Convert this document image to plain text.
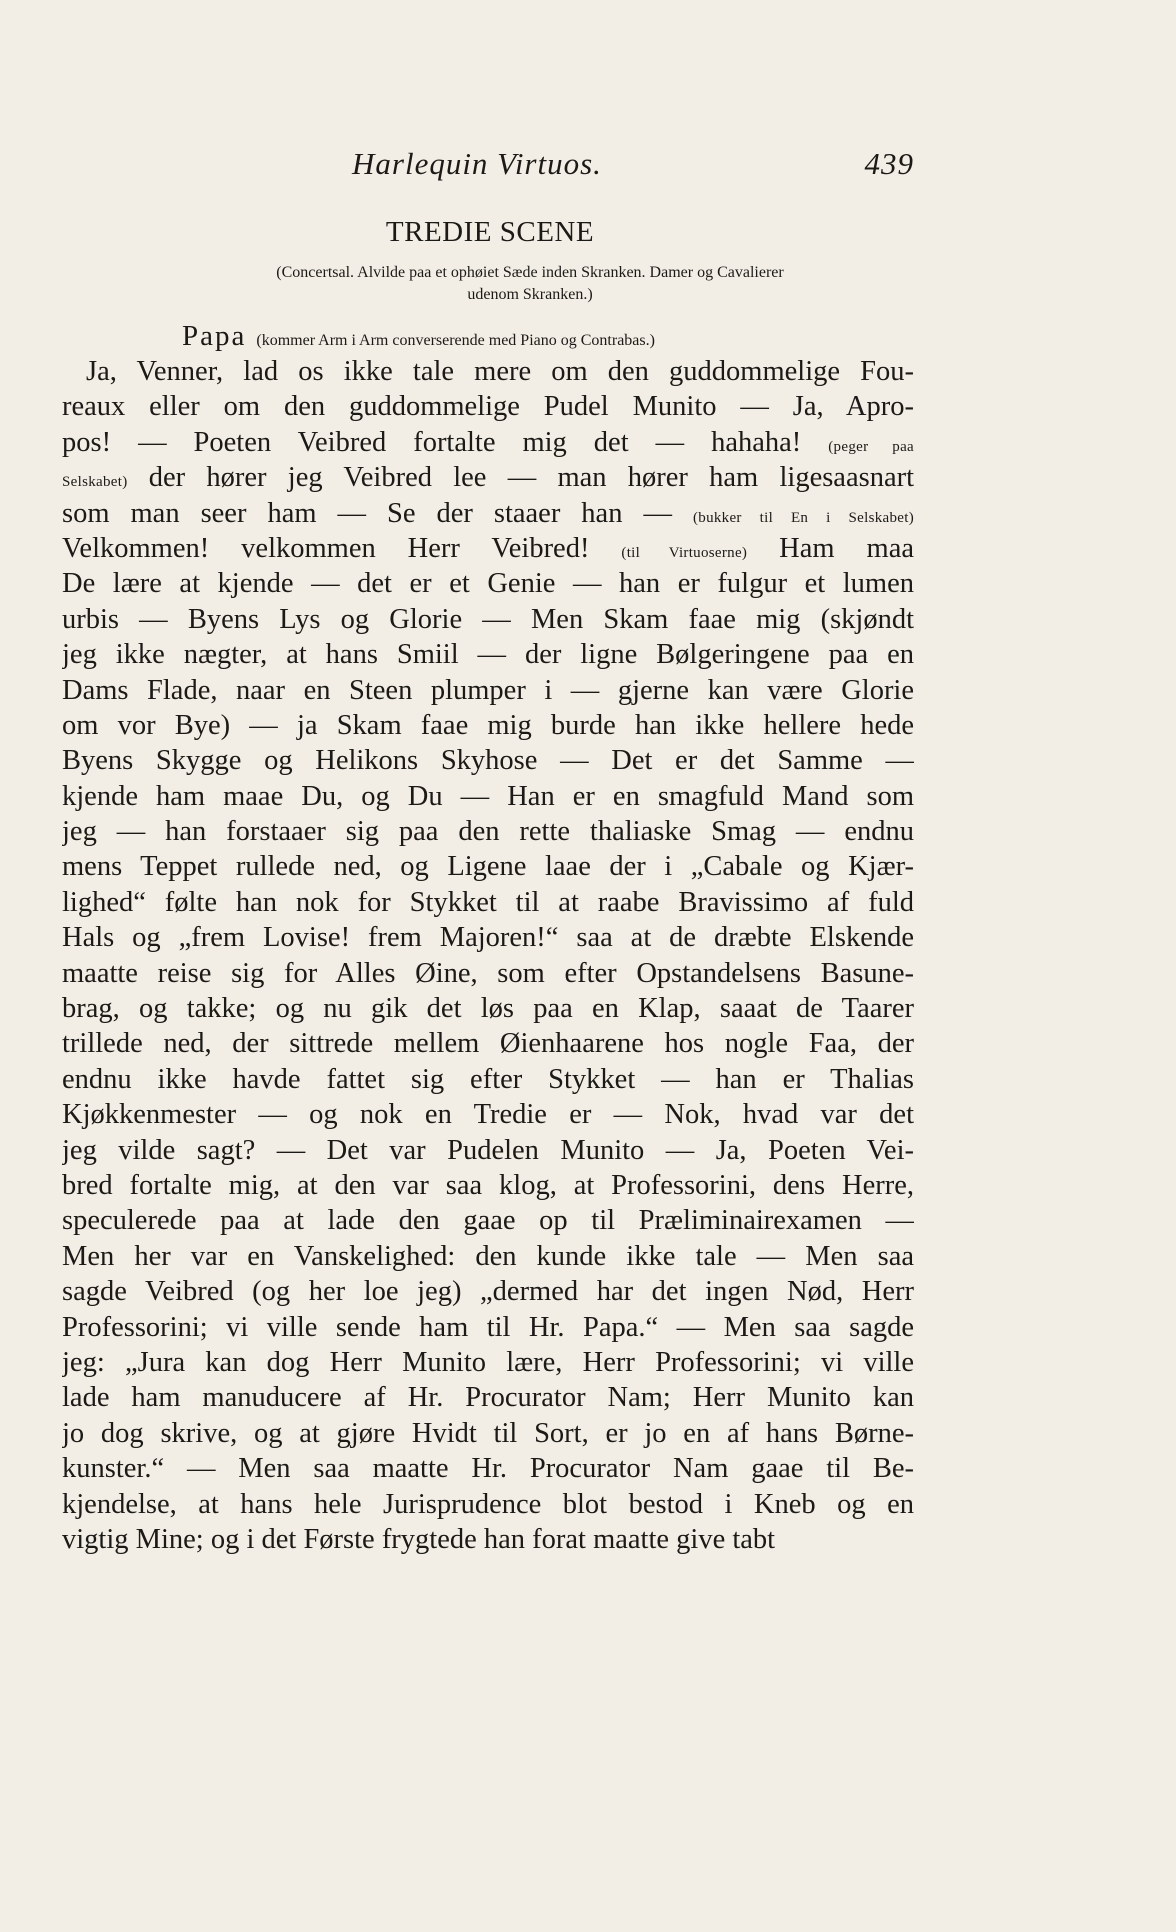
Harlequin Virtuos.	439
TREDIE SCENE
(Concertsal. Alvilde paa et ophøiet Sæde inden Skranken. Damer og Cavalierer
udenom Skranken.)
Papa (kommer Arm i Arm converserende med Piano og Contrabas.)
Ja, Venner, lad os ikke tale mere om den guddommelige Fou-
reaux eller om den guddommelige Pudel Munito — Ja, Apro-
pos! — Poeten Veibred fortalte mig det — hahaha! (peger paa
Selskabet) der hører jeg Veibred lee — man hører ham ligesaasnart
som man seer ham — Se der staaer han — (bukker til En i Selskabet)
Velkommen! velkommen Herr Veibred! (til Virtuoserne) Ham maa
De lære at kjende — det er et Genie — han er fulgur et lumen
urbis — Byens Lys og Glorie — Men Skam faae mig (skjøndt
jeg ikke nægter, at hans Smiil — der ligne Bølgeringene paa en
Dams Flade, naar en Steen plumper i — gjerne kan være Glorie
om vor Bye) — ja Skam faae mig burde han ikke hellere hede
Byens Skygge og Helikons Skyhose — Det er det Samme —
kjende ham maae Du, og Du — Han er en smagfuld Mand som
jeg — han forstaaer sig paa den rette thaliaske Smag — endnu
mens Teppet rullede ned, og Ligene laae der i „Cabale og Kjær-
lighed“ følte han nok for Stykket til at raabe Bravissimo af fuld
Hals og „frem Lovise! frem Majoren!“ saa at de dræbte Elskende
maatte reise sig for Alles Øine, som efter Opstandelsens Basune-
brag, og takke; og nu gik det løs paa en Klap, saaat de Taarer
trillede ned, der sittrede mellem Øienhaarene hos nogle Faa, der
endnu ikke havde fattet sig efter Stykket — han er Thalias
Kjøkkenmester — og nok en Tredie er — Nok, hvad var det
jeg vilde sagt? — Det var Pudelen Munito — Ja, Poeten Vei-
bred fortalte mig, at den var saa klog, at Professorini, dens Herre,
speculerede paa at lade den gaae op til Præliminairexamen —
Men her var en Vanskelighed: den kunde ikke tale — Men saa
sagde Veibred (og her loe jeg) „dermed har det ingen Nød, Herr
Professorini; vi ville sende ham til Hr. Papa.“ — Men saa sagde
jeg: „Jura kan dog Herr Munito lære, Herr Professorini; vi ville
lade ham manuducere af Hr. Procurator Nam; Herr Munito kan
jo dog skrive, og at gjøre Hvidt til Sort, er jo en af hans Børne-
kunster.“ — Men saa maatte Hr. Procurator Nam gaae til Be-
kjendelse, at hans hele Jurisprudence blot bestod i Kneb og en
vigtig Mine; og i det Første frygtede han forat maatte give tabt
